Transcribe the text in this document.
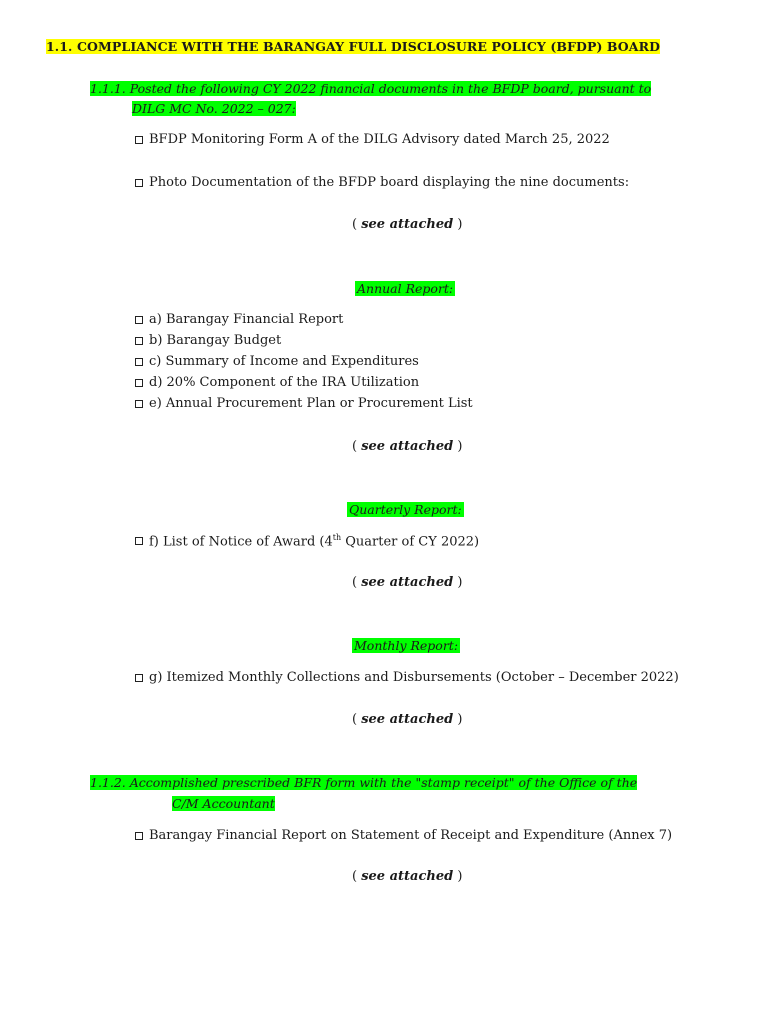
1.1. COMPLIANCE WITH THE BARANGAY FULL DISCLOSURE POLICY (BFDP) BOARD
1.1.1. Posted the following CY 2022 financial documents in the BFDP board, pursuant to
DILG MC No. 2022 – 027:
BFDP Monitoring Form A of the DILG Advisory dated March 25, 2022
Photo Documentation of the BFDP board displaying the nine documents:
( see attached )
Annual Report:
a) Barangay Financial Report
b) Barangay Budget
c) Summary of Income and Expenditures
d) 20% Component of the IRA Utilization
e) Annual Procurement Plan or Procurement List
( see attached )
Quarterly Report:
f) List of Notice of Award (4th Quarter of CY 2022)
( see attached )
Monthly Report:
g) Itemized Monthly Collections and Disbursements (October – December 2022)
( see attached )
1.1.2. Accomplished prescribed BFR form with the "stamp receipt" of the Office of the
C/M Accountant
Barangay Financial Report on Statement of Receipt and Expenditure (Annex 7)
( see attached )
